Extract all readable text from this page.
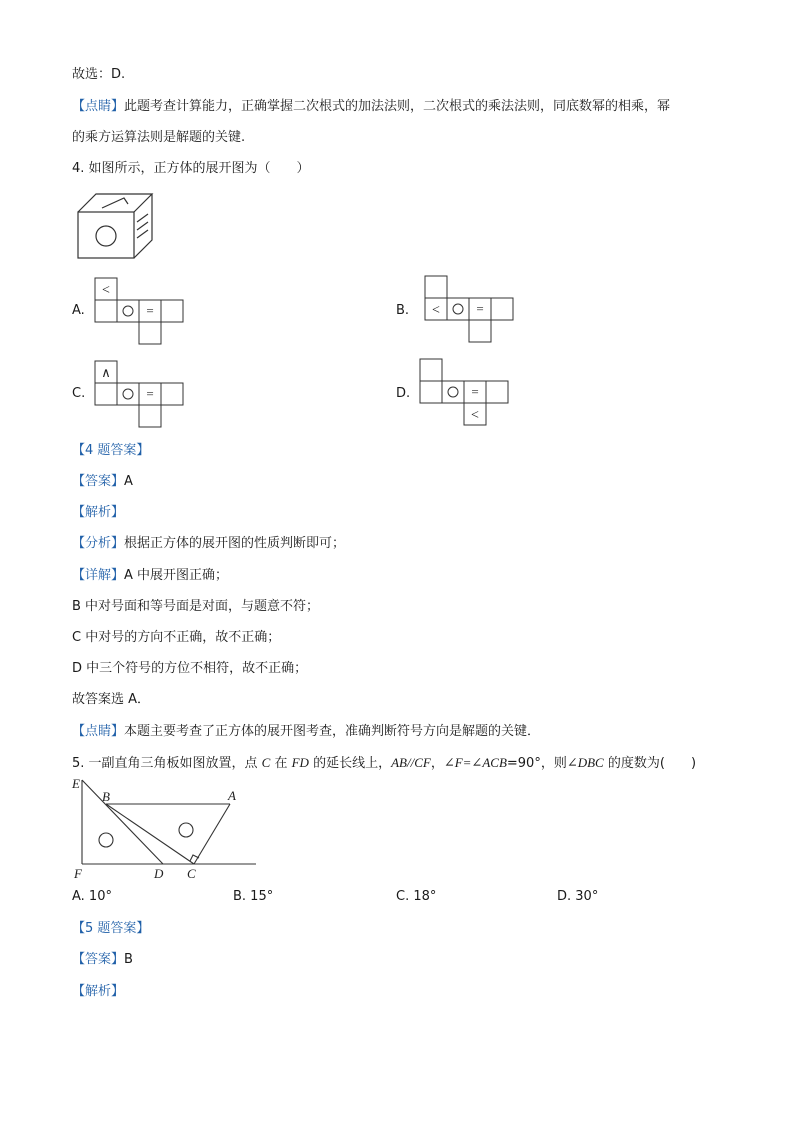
故选：D.
【点睛】此题考查计算能力，正确掌握二次根式的加法法则，二次根式的乘法法则，同底数幂的相乘，幂
的乘方运算法则是解题的关键.
4. 如图所示，正方体的展开图为（　　）
A.
<
=	B. <	=
C.
∧
=	D.	=
<
【4 题答案】
【答案】A
【解析】
【分析】根据正方体的展开图的性质判断即可；
【详解】A 中展开图正确；
B 中对号面和等号面是对面，与题意不符；
C 中对号的方向不正确，故不正确；
D 中三个符号的方位不相符，故不正确；
故答案选 A．
【点睛】本题主要考查了正方体的展开图考查，准确判断符号方向是解题的关键．
5. 一副直角三角板如图放置，点 C 在 FD 的延长线上，AB//CF，∠F=∠ACB=90°，则∠DBC 的度数为(　　)
E
B	A
F	D C
A. 10°	B. 15°	C. 18°	D. 30°
【5 题答案】
【答案】B
【解析】
